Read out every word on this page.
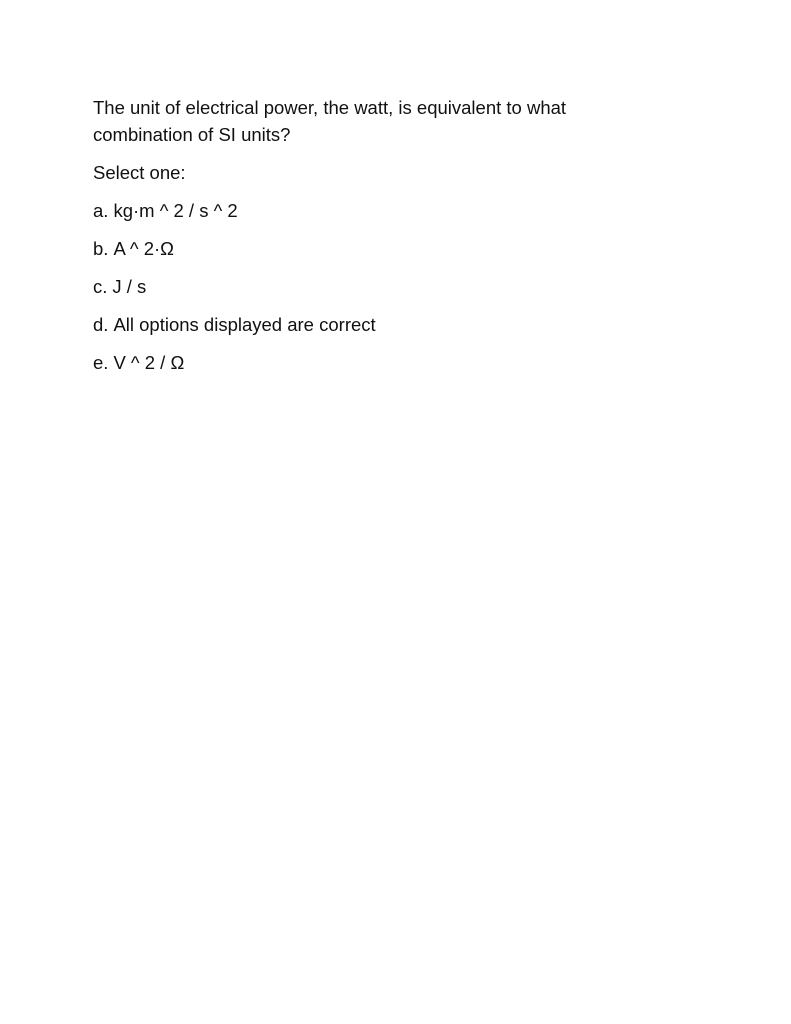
The unit of electrical power, the watt, is equivalent to what combination of SI units?

Select one:
a. kg·m ^ 2 / s ^ 2
b. A ^ 2·Ω
c. J / s
d. All options displayed are correct
e. V ^ 2 / Ω
